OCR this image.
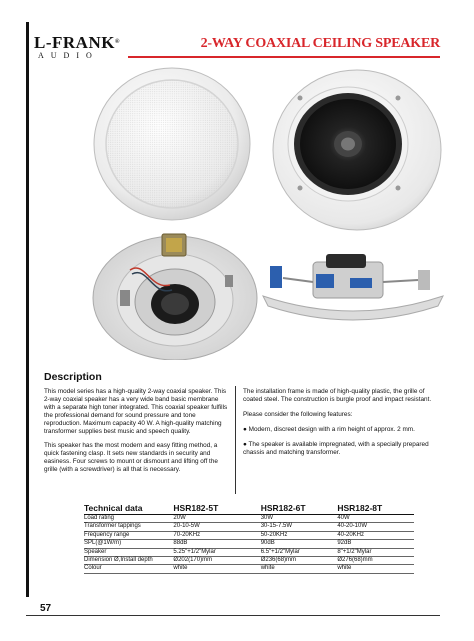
L-FRANK®
AUDIO
2-WAY COAXIAL CEILING SPEAKER
Description

This model series has a high-quality 2-way coaxial speaker. This 2-way coaxial speaker has a very wide band basic membrane with a separate high toner integrated. This coaxial speaker fulfills the professional demand for sound pressure and tone reproduction. Maximum capacity 40 W. A high-quality matching transformer supplies best music and speech quality.

This speaker has the most modern and easy fitting method, a quick fastening clasp. It sets new standards in security and easiness. Four screws to mount or dismount and lifting off the grille (with a screwdriver) is all that is necessary.

The installation frame is made of high-quality plastic, the grille of coated steel. The construction is burgle proof and impact resistant.

Please consider the following features:

● Modern, discreet design with a rim height of approx. 2 mm.

● The speaker is available impregnated, with a specially prepared chassis and matching transformer.

Technical data	HSR182-5T	HSR182-6T	HSR182-8T
Load rating	20W	30W	40W
Transformer tappings	20-10-5W	30-15-7.5W	40-20-10W
Frequency range	70-20KHz	50-20KHz	40-20KHz
SPL(@1W/m)	88dB	90dB	92dB
Speaker	5.25"+1/2"Mylar	6.5"+1/2"Mylar	8"+1/2"Mylar
Dimension Ø,Install depth	Ø202(170)mm	Ø236(68)mm	Ø276(68)mm
Colour	white	white	white
57
